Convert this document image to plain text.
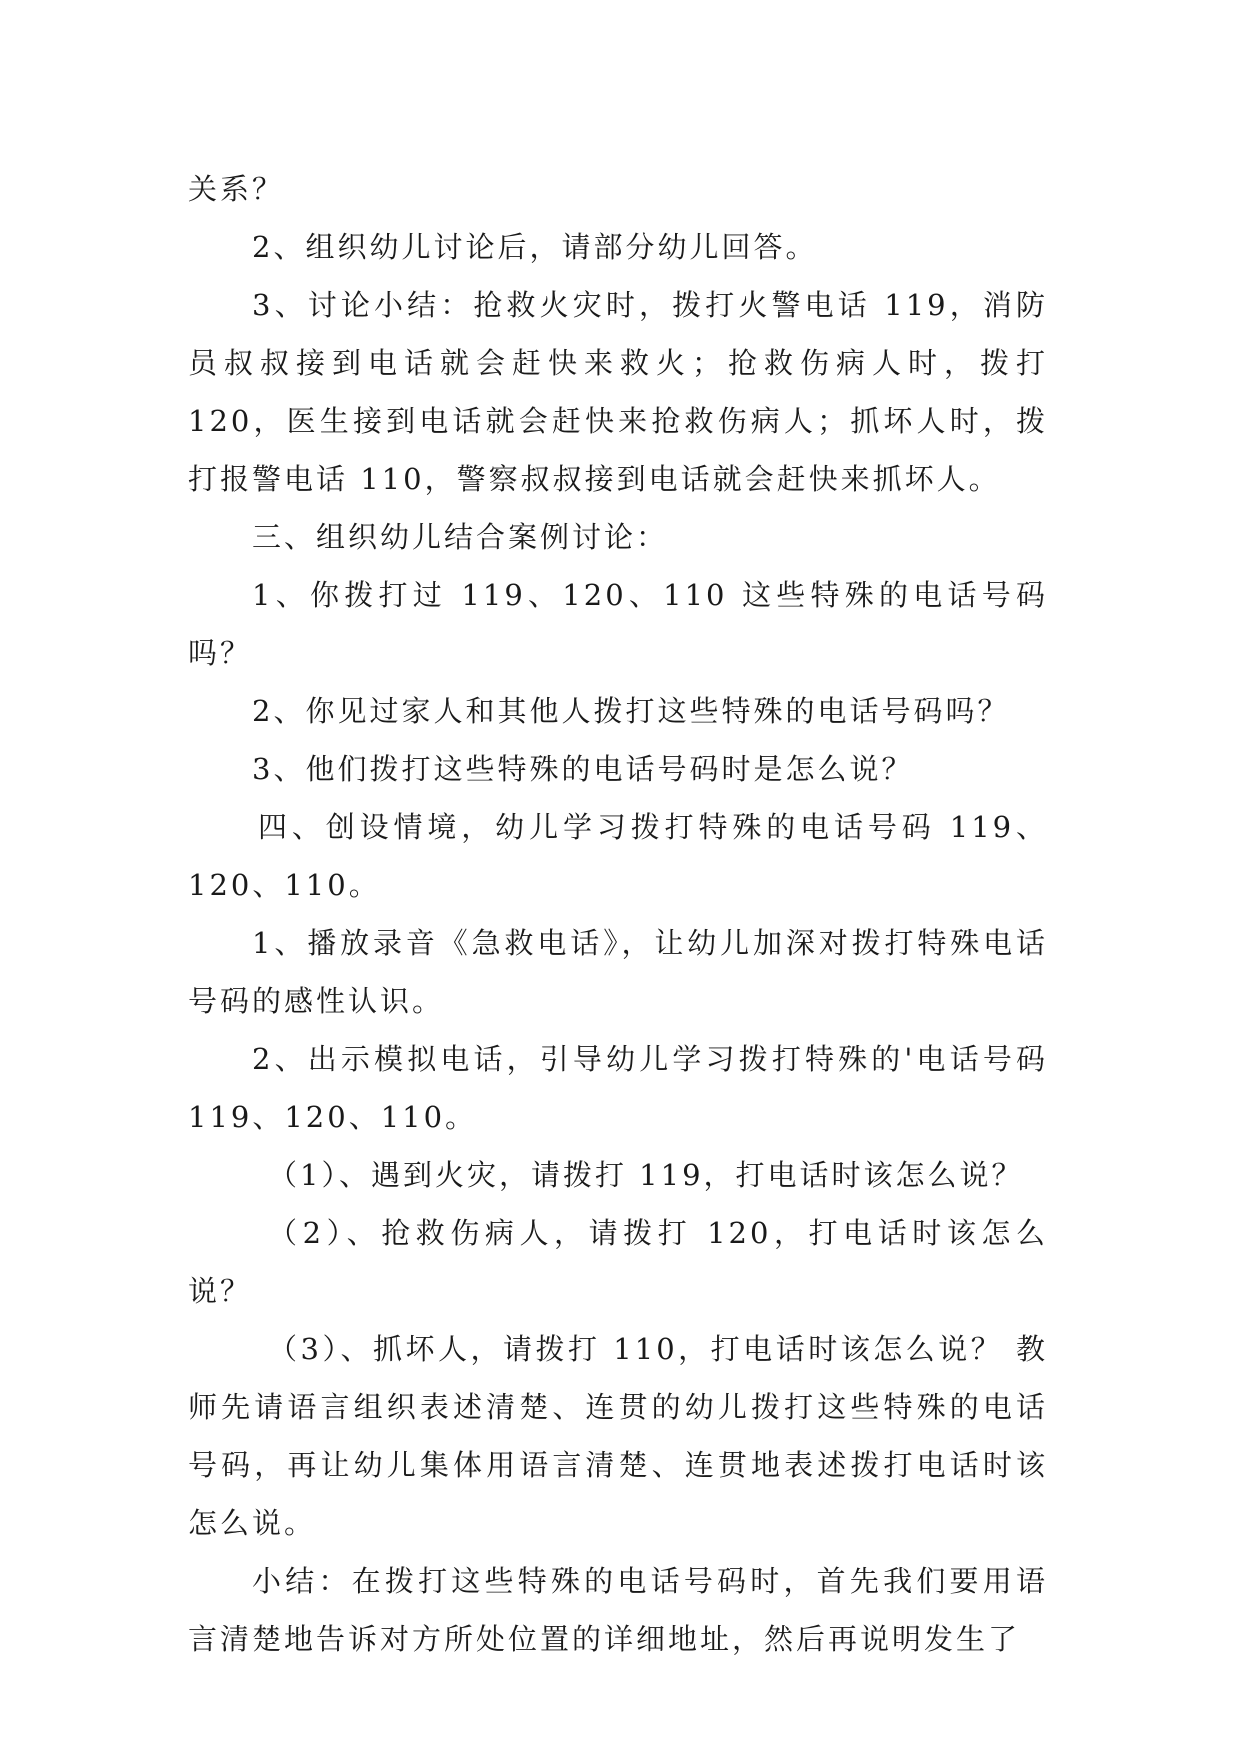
关系？

2、组织幼儿讨论后，请部分幼儿回答。

3、讨论小结：抢救火灾时，拨打火警电话 119，消防员叔叔接到电话就会赶快来救火；抢救伤病人时，拨打 120，医生接到电话就会赶快来抢救伤病人；抓坏人时，拨打报警电话 110，警察叔叔接到电话就会赶快来抓坏人。

三、组织幼儿结合案例讨论：

1、你拨打过 119、120、110 这些特殊的电话号码吗？

2、你见过家人和其他人拨打这些特殊的电话号码吗？

3、他们拨打这些特殊的电话号码时是怎么说？

四、创设情境，幼儿学习拨打特殊的电话号码 119、120、110。

1、播放录音《急救电话》，让幼儿加深对拨打特殊电话号码的感性认识。

2、出示模拟电话，引导幼儿学习拨打特殊的'电话号码 119、120、110。

（1）、遇到火灾，请拨打 119，打电话时该怎么说？

（2）、抢救伤病人，请拨打 120，打电话时该怎么说？

（3）、抓坏人，请拨打 110，打电话时该怎么说？ 教师先请语言组织表述清楚、连贯的幼儿拨打这些特殊的电话号码，再让幼儿集体用语言清楚、连贯地表述拨打电话时该怎么说。

小结：在拨打这些特殊的电话号码时，首先我们要用语言清楚地告诉对方所处位置的详细地址，然后再说明发生了
